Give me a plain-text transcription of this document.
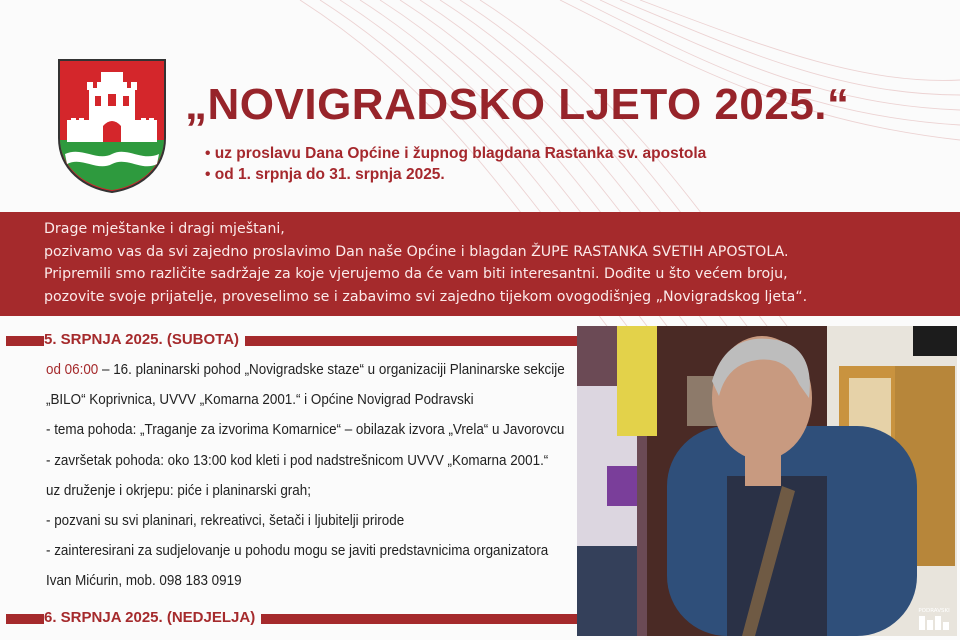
„NOVIGRADSKO LJETO 2025.“
• uz proslavu Dana Općine i župnog blagdana Rastanka sv. apostola
• od 1. srpnja do 31. srpnja 2025.
Drage mještanke i dragi mještani,
pozivamo vas da svi zajedno proslavimo Dan naše Općine i blagdan ŽUPE RASTANKA SVETIH APOSTOLA.
Pripremili smo različite sadržaje za koje vjerujemo da će vam biti interesantni. Dođite u što većem broju,
pozovite svoje prijatelje, proveselimo se i zabavimo svi zajedno tijekom ovogodišnjeg „Novigradskog ljeta“.
5. SRPNJA 2025. (SUBOTA)
od 06:00 – 16. planinarski pohod „Novigradske staze“ u organizaciji Planinarske sekcije
„BILO“ Koprivnica, UVVV „Komarna 2001.“ i Općine Novigrad Podravski
- tema pohoda: „Traganje za izvorima Komarnice“ – obilazak izvora „Vrela“ u Javorovcu
- završetak pohoda: oko 13:00 kod kleti i pod nadstrešnicom UVVV „Komarna 2001.“
uz druženje i okrjepu: piće i planinarski grah;
- pozvani su svi planinari, rekreativci, šetači i ljubitelji prirode
- zainteresirani za sudjelovanje u pohodu mogu se javiti predstavnicima organizatora
Ivan Mićurin, mob. 098 183 0919
6. SRPNJA 2025. (NEDJELJA)	PODRAVSKI
